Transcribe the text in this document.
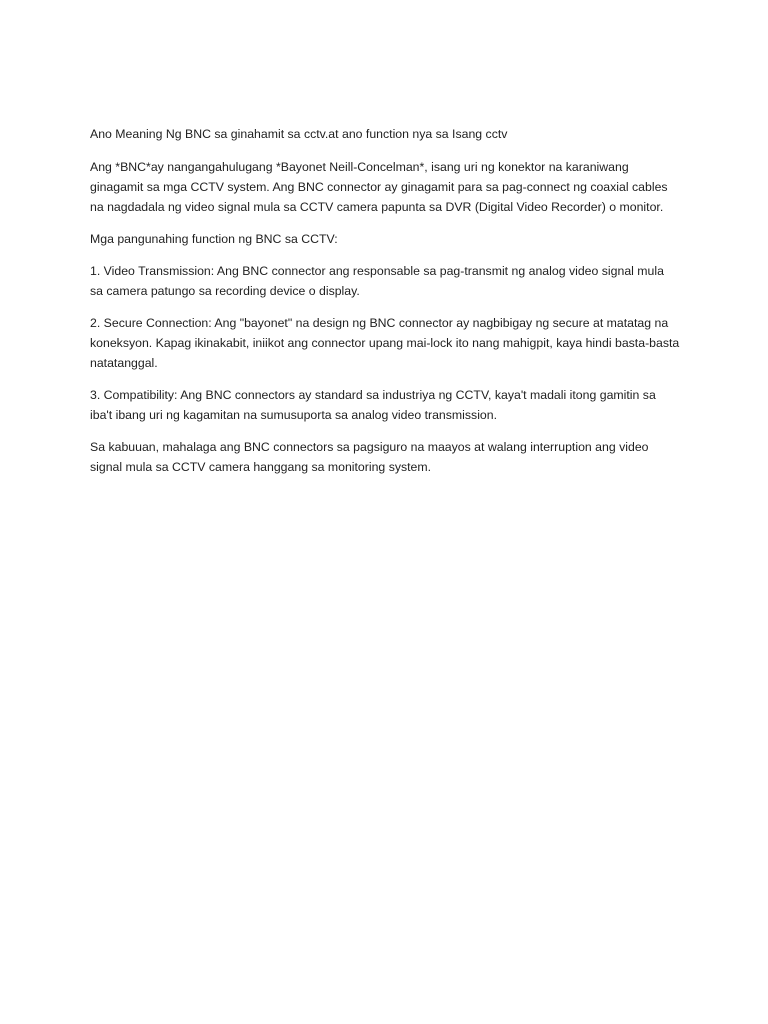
Ano Meaning Ng BNC sa ginahamit sa cctv.at ano function nya sa Isang cctv

Ang *BNC*ay nangangahulugang *Bayonet Neill-Concelman*, isang uri ng konektor na karaniwang ginagamit sa mga CCTV system. Ang BNC connector ay ginagamit para sa pag-connect ng coaxial cables na nagdadala ng video signal mula sa CCTV camera papunta sa DVR (Digital Video Recorder) o monitor.

Mga pangunahing function ng BNC sa CCTV:

1. Video Transmission: Ang BNC connector ang responsable sa pag-transmit ng analog video signal mula sa camera patungo sa recording device o display.

2. Secure Connection: Ang "bayonet" na design ng BNC connector ay nagbibigay ng secure at matatag na koneksyon. Kapag ikinakabit, iniikot ang connector upang mai-lock ito nang mahigpit, kaya hindi basta-basta natatanggal.

3. Compatibility: Ang BNC connectors ay standard sa industriya ng CCTV, kaya't madali itong gamitin sa iba't ibang uri ng kagamitan na sumusuporta sa analog video transmission.

Sa kabuuan, mahalaga ang BNC connectors sa pagsiguro na maayos at walang interruption ang video signal mula sa CCTV camera hanggang sa monitoring system.
